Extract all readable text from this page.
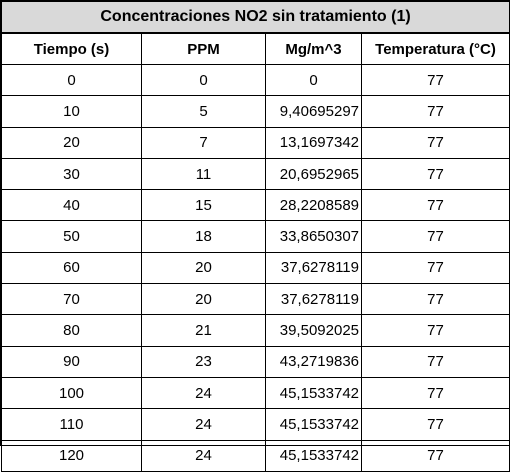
Concentraciones NO2 sin tratamiento (1)			
Tiempo (s)	PPM	Mg/m^3	Temperatura (°C)
0	0	0	77
10	5	9,40695297	77
20	7	13,1697342	77
30	11	20,6952965	77
40	15	28,2208589	77
50	18	33,8650307	77
60	20	37,6278119	77
70	20	37,6278119	77
80	21	39,5092025	77
90	23	43,2719836	77
100	24	45,1533742	77
110	24	45,1533742	77
120	24	45,1533742	77
